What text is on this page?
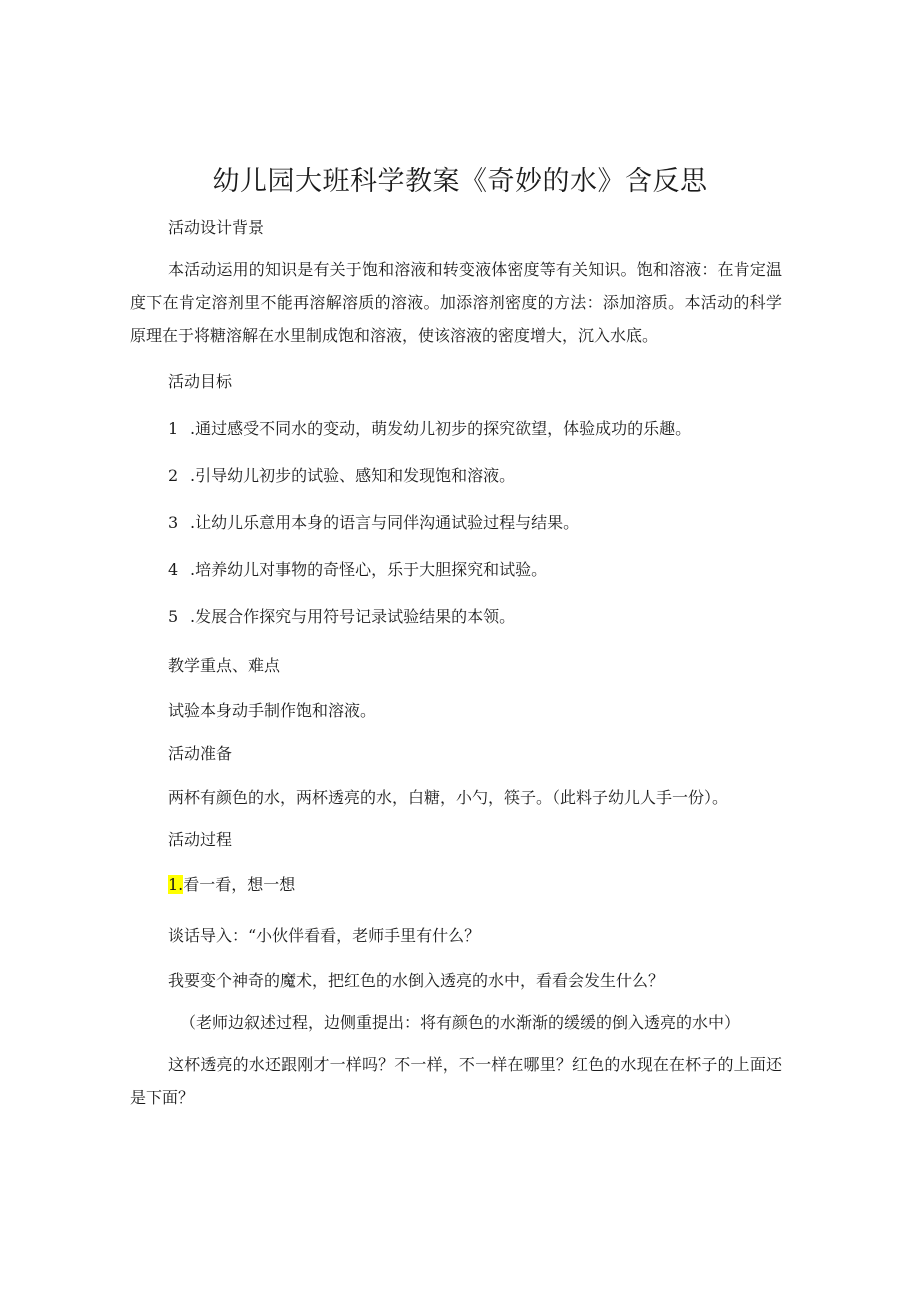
幼儿园大班科学教案《奇妙的水》含反思
活动设计背景
本活动运用的知识是有关于饱和溶液和转变液体密度等有关知识。饱和溶液：在肯定温度下在肯定溶剂里不能再溶解溶质的溶液。加添溶剂密度的方法：添加溶质。本活动的科学原理在于将糖溶解在水里制成饱和溶液，使该溶液的密度增大，沉入水底。
活动目标
1 .通过感受不同水的变动，萌发幼儿初步的探究欲望，体验成功的乐趣。
2 .引导幼儿初步的试验、感知和发现饱和溶液。
3 .让幼儿乐意用本身的语言与同伴沟通试验过程与结果。
4 .培养幼儿对事物的奇怪心，乐于大胆探究和试验。
5 .发展合作探究与用符号记录试验结果的本领。
教学重点、难点
试验本身动手制作饱和溶液。
活动准备
两杯有颜色的水，两杯透亮的水，白糖，小勺，筷子。（此料子幼儿人手一份）。
活动过程
1.看一看，想一想
谈话导入：“小伙伴看看，老师手里有什么？
我要变个神奇的魔术，把红色的水倒入透亮的水中，看看会发生什么？
（老师边叙述过程，边侧重提出：将有颜色的水渐渐的缓缓的倒入透亮的水中）
这杯透亮的水还跟刚才一样吗？不一样，不一样在哪里？红色的水现在在杯子的上面还是下面？
